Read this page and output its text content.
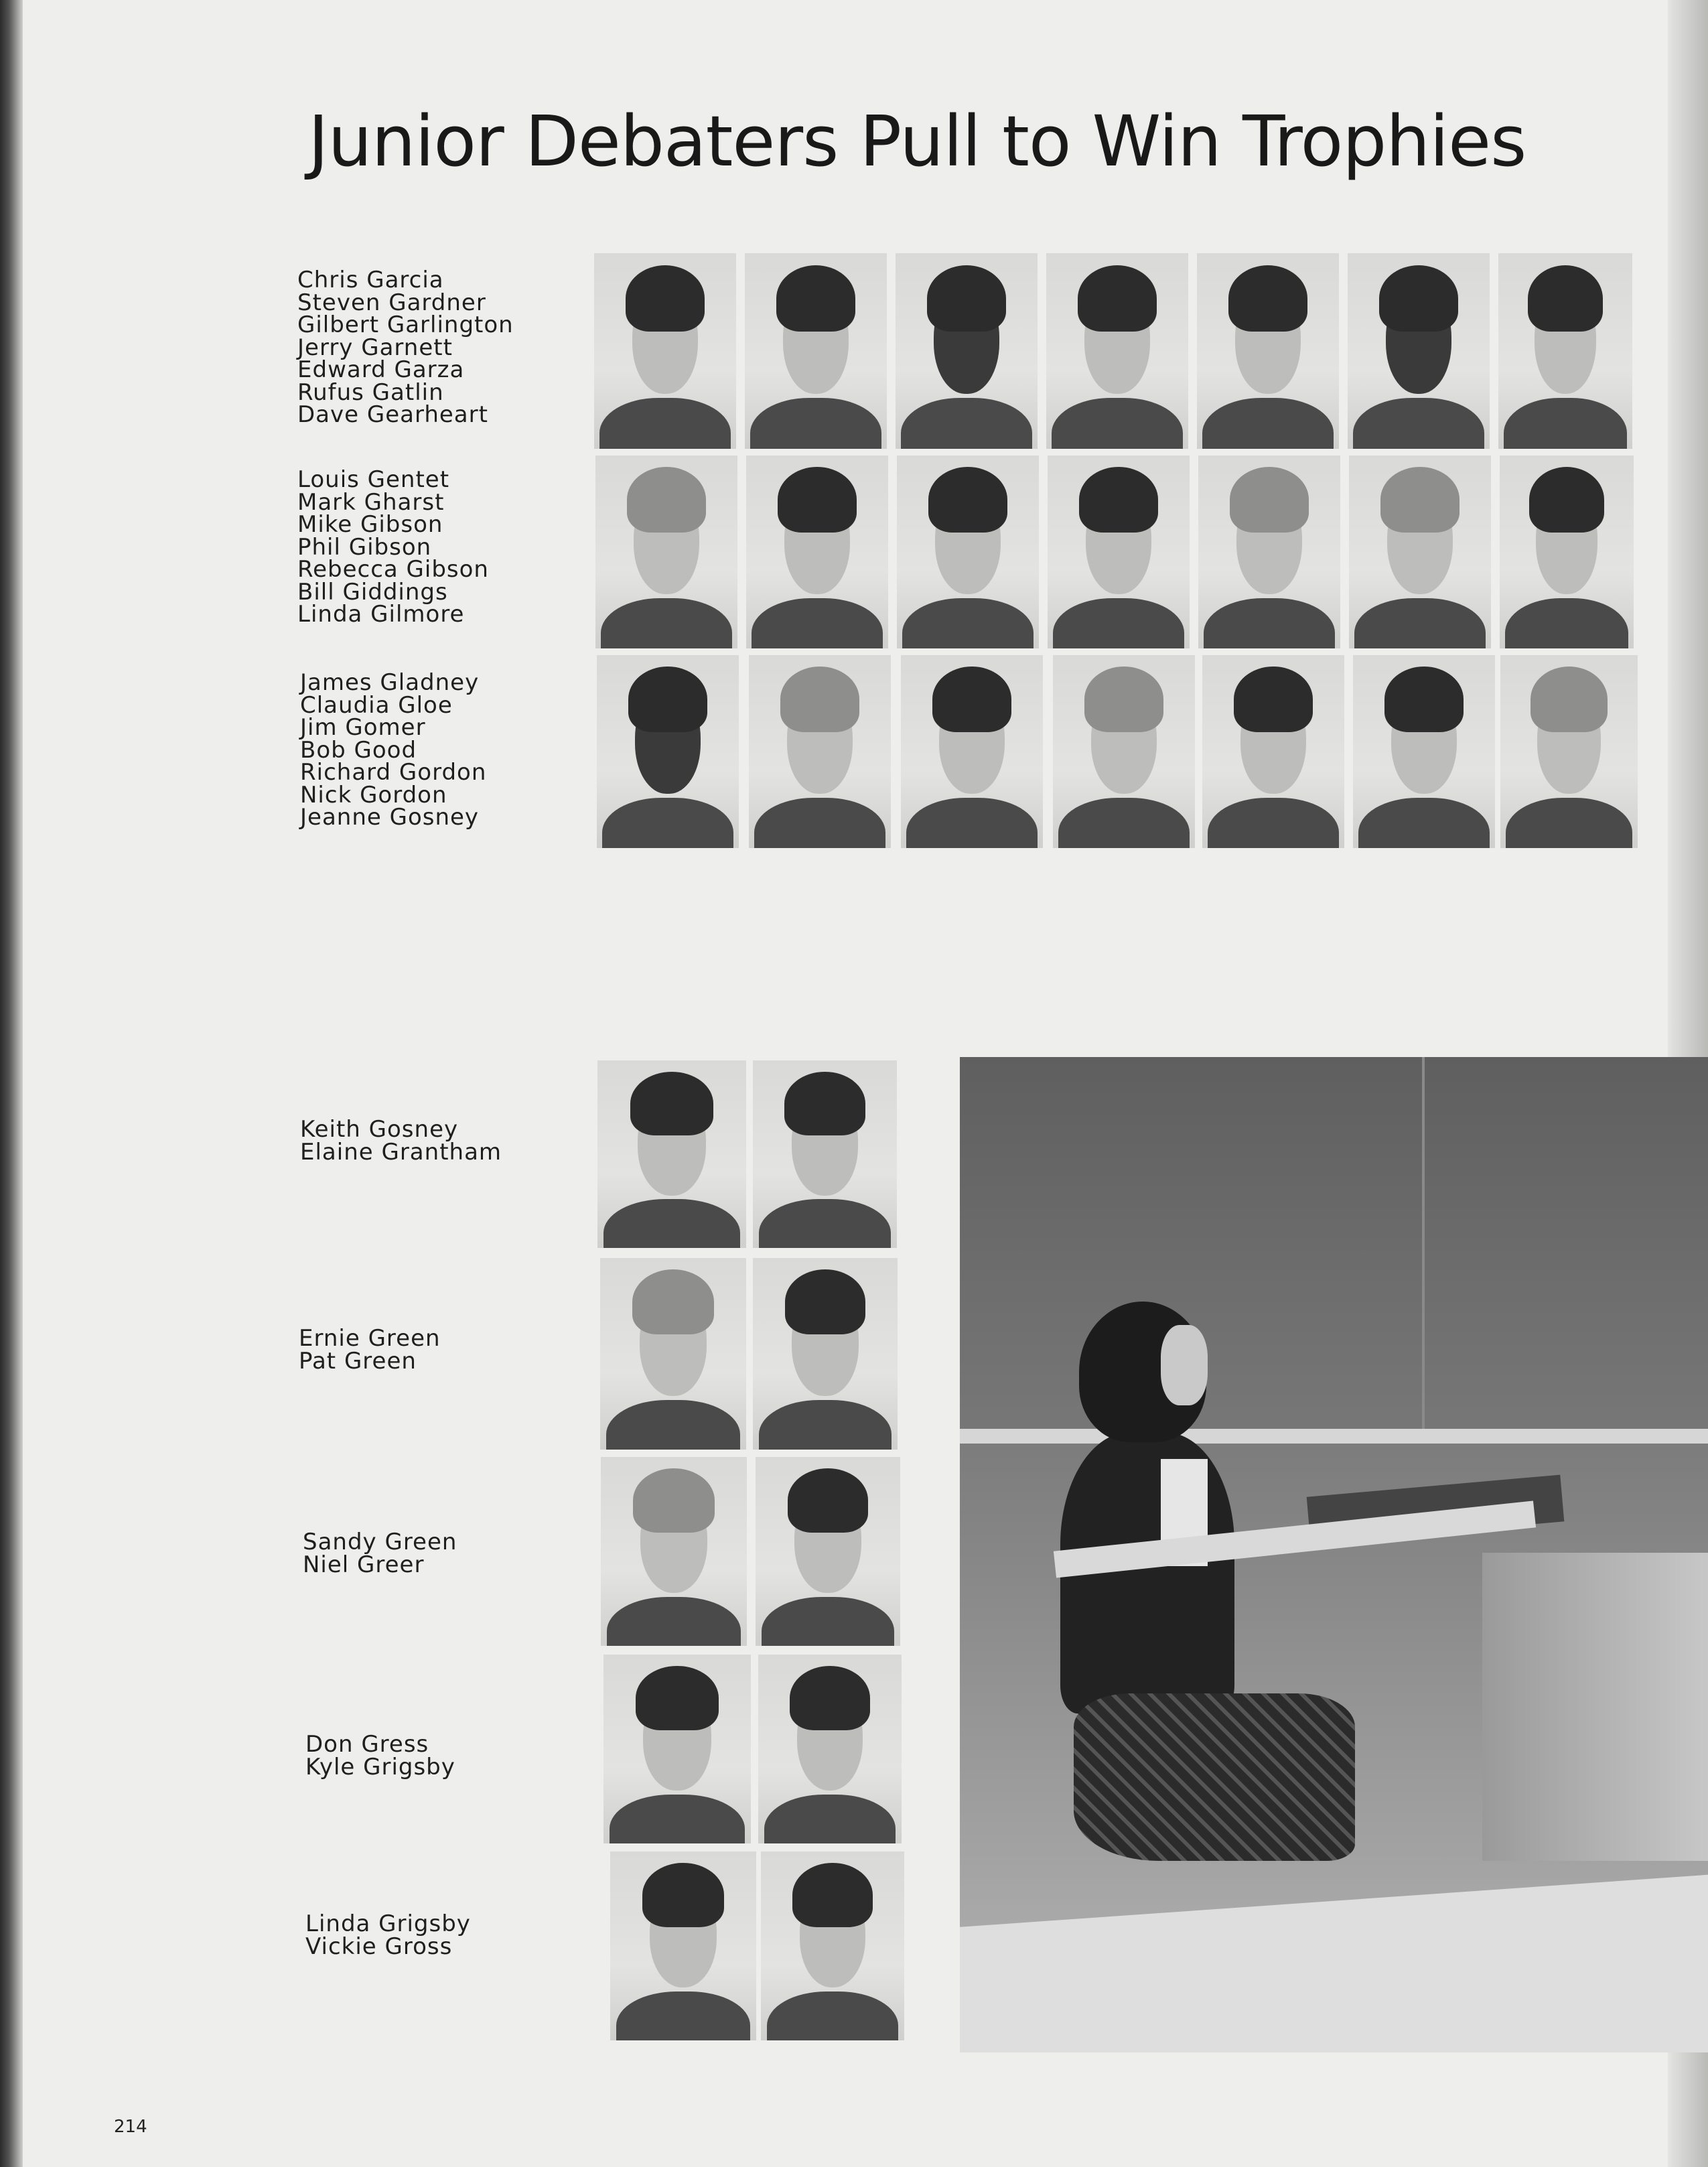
Junior Debaters Pull to Win Trophies
Chris Garcia
Steven Gardner
Gilbert Garlington
Jerry Garnett
Edward Garza
Rufus Gatlin
Dave Gearheart
Louis Gentet
Mark Gharst
Mike Gibson
Phil Gibson
Rebecca Gibson
Bill Giddings
Linda Gilmore
James Gladney
Claudia Gloe
Jim Gomer
Bob Good
Richard Gordon
Nick Gordon
Jeanne Gosney
Keith Gosney
Elaine Grantham
Ernie Green
Pat Green
Sandy Green
Niel Greer
Don Gress
Kyle Grigsby
Linda Grigsby
Vickie Gross
214
